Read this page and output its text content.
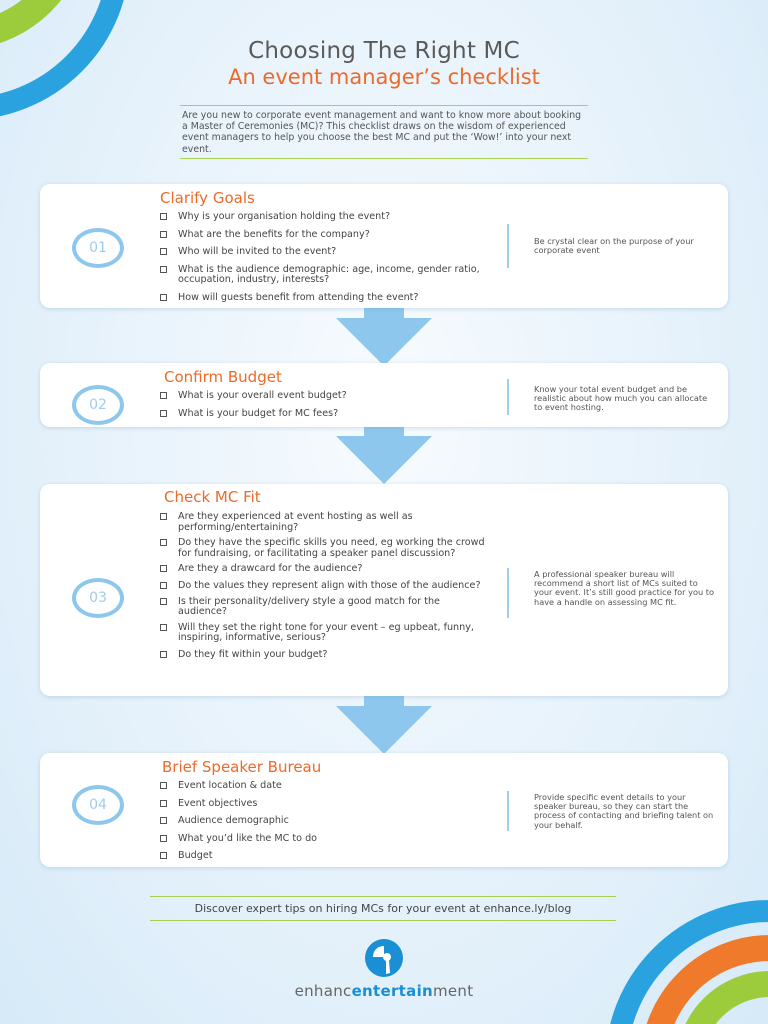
Choosing The Right MC
An event manager’s checklist
Are you new to corporate event management and want to know more about booking a Master of Ceremonies (MC)? This checklist draws on the wisdom of experienced event managers to help you choose the best MC and put the ‘Wow!’ into your next event.
Clarify Goals
01
Why is your organisation holding the event?
What are the benefits for the company?
Who will be invited to the event?
What is the audience demographic: age, income, gender ratio, occupation, industry, interests?
How will guests benefit from attending the event?
Be crystal clear on the purpose of your corporate event
Confirm Budget
02
What is your overall event budget?
What is your budget for MC fees?
Know your total event budget and be realistic about how much you can allocate to event hosting.
Check MC Fit
03
Are they experienced at event hosting as well as performing/entertaining?
Do they have the specific skills you need, eg working the crowd for fundraising, or facilitating a speaker panel discussion?
Are they a drawcard for the audience?
Do the values they represent align with those of the audience?
Is their personality/delivery style a good match for the audience?
Will they set the right tone for your event – eg upbeat, funny, inspiring, informative, serious?
Do they fit within your budget?
A professional speaker bureau will recommend a short list of MCs suited to your event. It’s still good practice for you to have a handle on assessing MC fit.
Brief Speaker Bureau
04
Event location & date
Event objectives
Audience demographic
What you’d like the MC to do
Budget
Provide specific event details to your speaker bureau, so they can start the process of contacting and briefing talent on your behalf.
Discover expert tips on hiring MCs for your event at enhance.ly/blog
enhancentertainment
